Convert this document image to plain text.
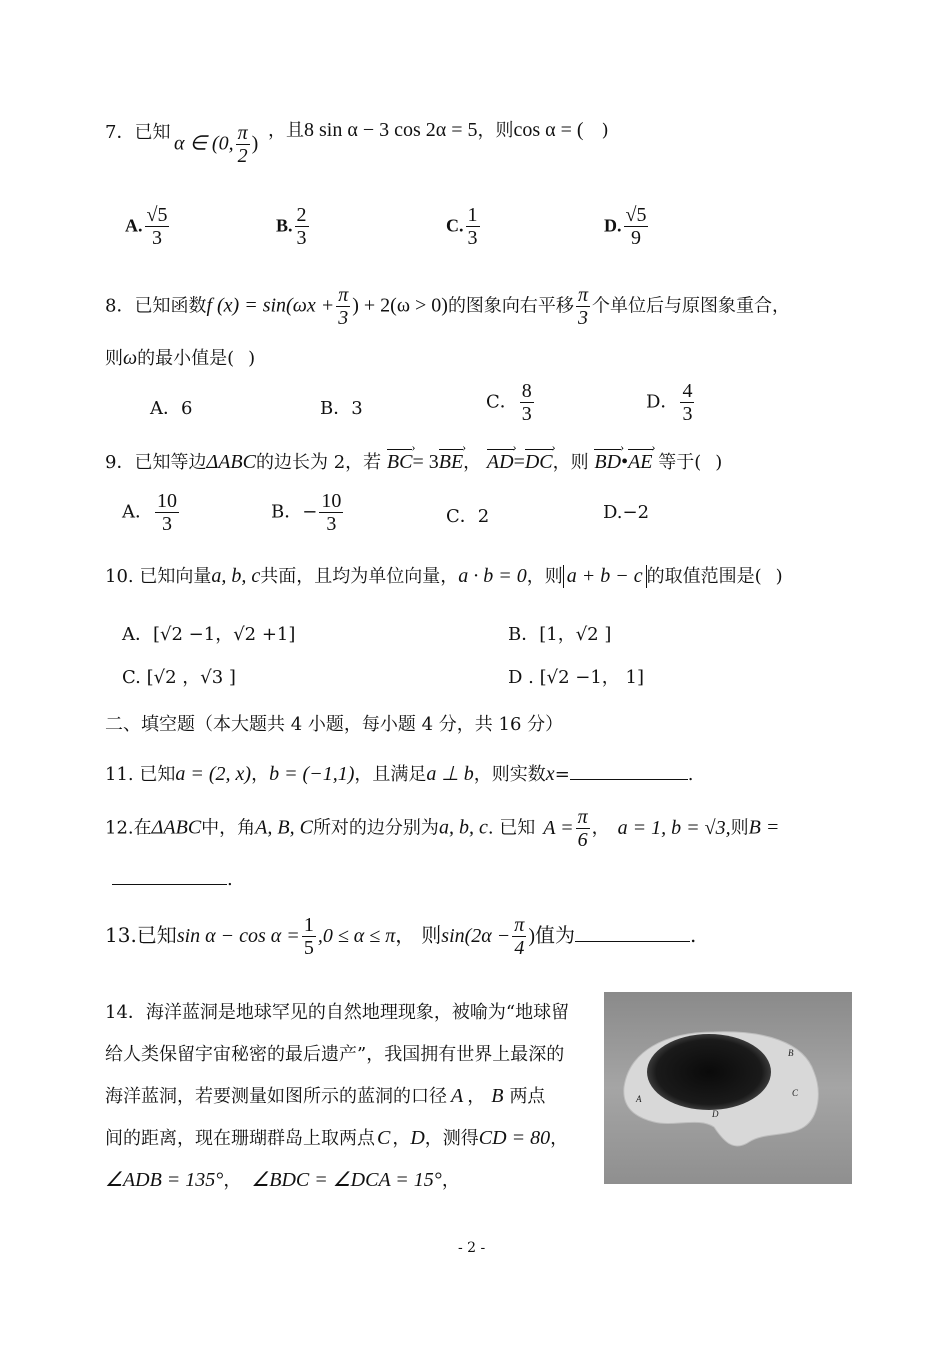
7．已知 α ∈ (0, $\frac{\pi}{2}$ )
，且8 sin α − 3 cos 2α = 5，则cos α = ( )
A. $\frac{√5}{3}$	B. $\frac{2}{3}$	C. $\frac{1}{3}$	D. $\frac{√5}{9}$
8．已知函数f $(x) = \sin(\omega x + \frac{\pi}{3}$ ) + 2(ω > 0)的图象向右平移 $\frac{\pi}{3}$ 个单位后与原图象重合，
则ω的最小值是( )
A．6	B．3	C． $\frac{8}{3}$	D． $\frac{4}{3}$
9．已知等边ΔABC的边长为 2，若 BC ›= 3BE ›， AD ›=DC ›，则 BD ›•AE › 等于( )
A． $\frac{10}{3}$	B．− $\frac{10}{3}$	C．2	D.−2
10. 已知向量a, b, c共面，且均为单位向量，a · b = 0，则 a + b − c 的取值范围是( )
A．[√2 −1，√2 +1]	B．[1，√2 ]
C. [√2 ，√3 ]	D . [√2 −1， 1]
二、填空题（本大题共 4 小题，每小题 4 分，共 16 分）
11. 已知a = (2, x)，b = (−1,1)，且满足a ⊥ b，则实数x=	.
12.在ΔABC中，角A, B, C所对的边分别为a, b, c. 已知 $A = \frac{\pi}{6}$ ， a = 1, b = √3,则B =
.
13.已知$\sin \alpha - \cos \alpha = \frac{1}{5} ,0 \le \alpha \le \pi$， 则$\sin(2\alpha - \frac{\pi}{4}$ )值为	.
14．海洋蓝洞是地球罕见的自然地理现象，被喻为“地球留
给人类保留宇宙秘密的最后遗产”，我国拥有世界上最深的
海洋蓝洞，若要测量如图所示的蓝洞的口径 A ， B 两点
间的距离，现在珊瑚群岛上取两点 C ，D，测得CD = 80，
∠ADB = 135°， ∠BDC = ∠DCA = 15°，
B
A
C
D
- 2 -
